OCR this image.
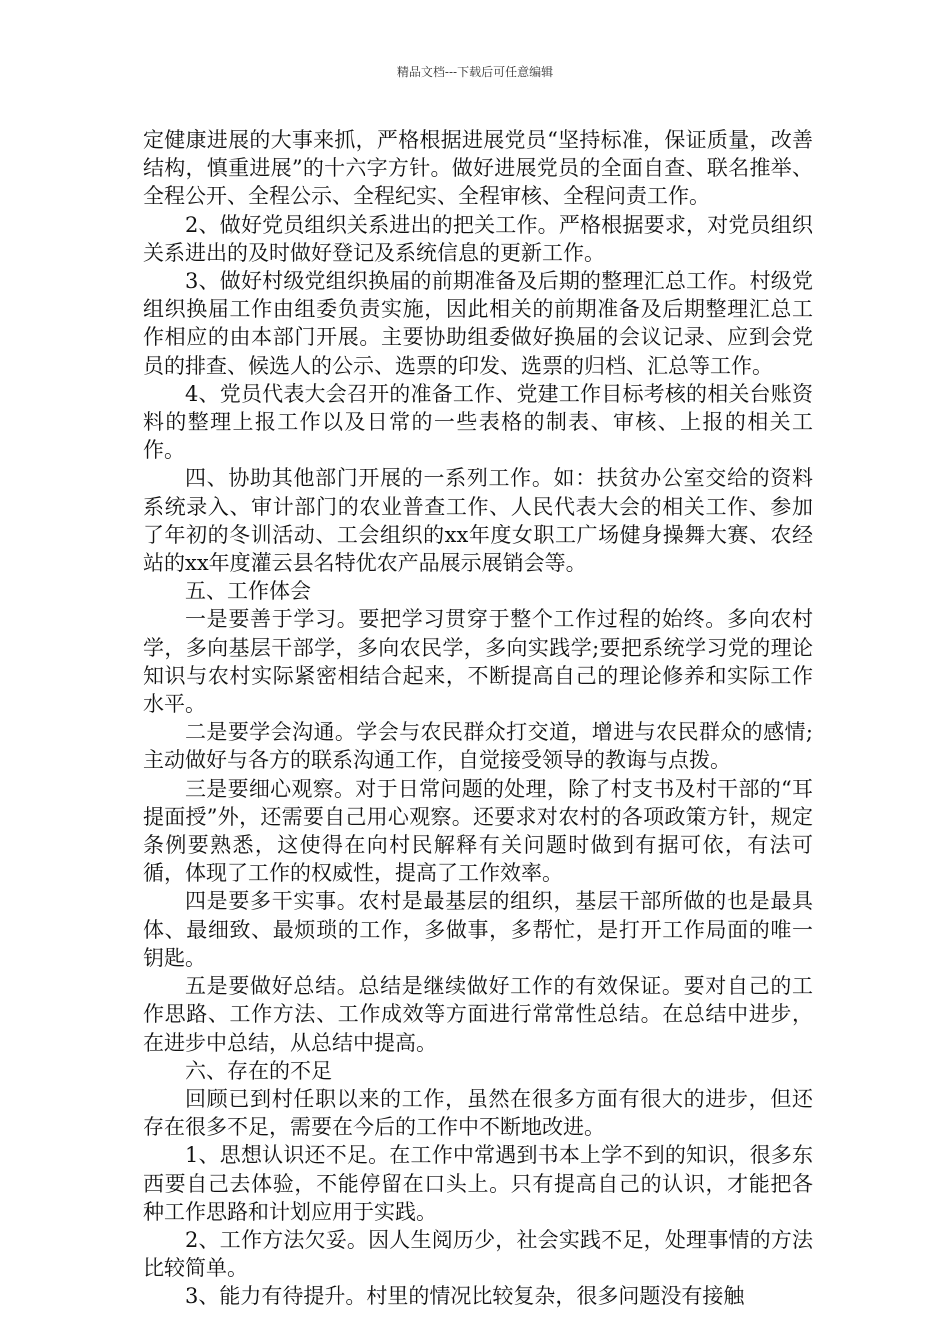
精品文档---下载后可任意编辑

定健康进展的大事来抓，严格根据进展党员“坚持标准，保证质量，改善结构，慎重进展”的十六字方针。做好进展党员的全面自查、联名推举、全程公开、全程公示、全程纪实、全程审核、全程问责工作。

2、做好党员组织关系进出的把关工作。严格根据要求，对党员组织关系进出的及时做好登记及系统信息的更新工作。

3、做好村级党组织换届的前期准备及后期的整理汇总工作。村级党组织换届工作由组委负责实施，因此相关的前期准备及后期整理汇总工作相应的由本部门开展。主要协助组委做好换届的会议记录、应到会党员的排查、候选人的公示、选票的印发、选票的归档、汇总等工作。

4、党员代表大会召开的准备工作、党建工作目标考核的相关台账资料的整理上报工作以及日常的一些表格的制表、审核、上报的相关工作。

四、协助其他部门开展的一系列工作。如：扶贫办公室交给的资料系统录入、审计部门的农业普查工作、人民代表大会的相关工作、参加了年初的冬训活动、工会组织的xx年度女职工广场健身操舞大赛、农经站的xx年度灌云县名特优农产品展示展销会等。

五、工作体会

一是要善于学习。要把学习贯穿于整个工作过程的始终。多向农村学，多向基层干部学，多向农民学，多向实践学;要把系统学习党的理论知识与农村实际紧密相结合起来，不断提高自己的理论修养和实际工作水平。

二是要学会沟通。学会与农民群众打交道，增进与农民群众的感情;主动做好与各方的联系沟通工作，自觉接受领导的教诲与点拨。

三是要细心观察。对于日常问题的处理，除了村支书及村干部的“耳提面授”外，还需要自己用心观察。还要求对农村的各项政策方针，规定条例要熟悉，这使得在向村民解释有关问题时做到有据可依，有法可循，体现了工作的权威性，提高了工作效率。

四是要多干实事。农村是最基层的组织，基层干部所做的也是最具体、最细致、最烦琐的工作，多做事，多帮忙，是打开工作局面的唯一钥匙。

五是要做好总结。总结是继续做好工作的有效保证。要对自己的工作思路、工作方法、工作成效等方面进行常常性总结。在总结中进步，在进步中总结，从总结中提高。

六、存在的不足

回顾已到村任职以来的工作，虽然在很多方面有很大的进步，但还存在很多不足，需要在今后的工作中不断地改进。

1、思想认识还不足。在工作中常遇到书本上学不到的知识，很多东西要自己去体验，不能停留在口头上。只有提高自己的认识，才能把各种工作思路和计划应用于实践。

2、工作方法欠妥。因人生阅历少，社会实践不足，处理事情的方法比较简单。

3、能力有待提升。村里的情况比较复杂，很多问题没有接触
